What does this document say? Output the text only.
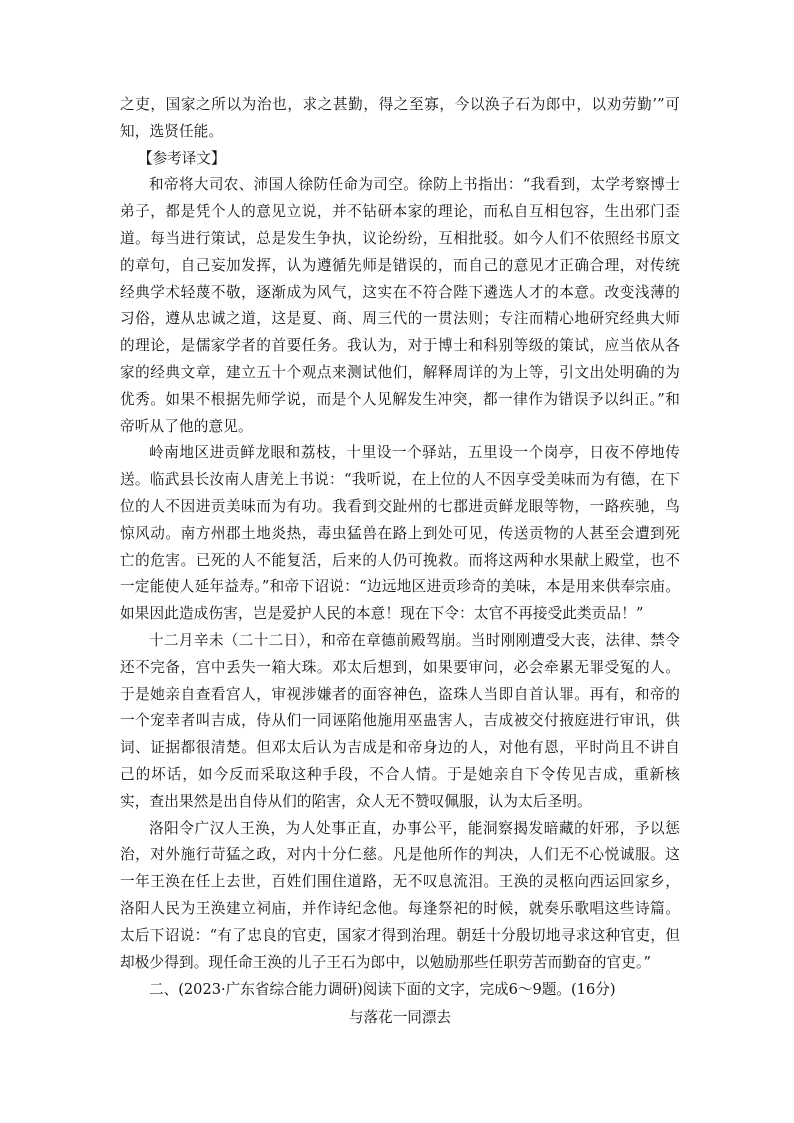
之吏，国家之所以为治也，求之甚勤，得之至寡，今以涣子石为郎中，以劝劳勤’”可知，选贤任能。

【参考译文】

和帝将大司农、沛国人徐防任命为司空。徐防上书指出：“我看到，太学考察博士弟子，都是凭个人的意见立说，并不钻研本家的理论，而私自互相包容，生出邪门歪道。每当进行策试，总是发生争执，议论纷纷，互相批驳。如今人们不依照经书原文的章句，自己妄加发挥，认为遵循先师是错误的，而自己的意见才正确合理，对传统经典学术轻蔑不敬，逐渐成为风气，这实在不符合陛下遴选人才的本意。改变浅薄的习俗，遵从忠诚之道，这是夏、商、周三代的一贯法则；专注而精心地研究经典大师的理论，是儒家学者的首要任务。我认为，对于博士和科别等级的策试，应当依从各家的经典文章，建立五十个观点来测试他们，解释周详的为上等，引文出处明确的为优秀。如果不根据先师学说，而是个人见解发生冲突，都一律作为错误予以纠正。”和帝听从了他的意见。

岭南地区进贡鲜龙眼和荔枝，十里设一个驿站，五里设一个岗亭，日夜不停地传送。临武县长汝南人唐羌上书说：“我听说，在上位的人不因享受美味而为有德，在下位的人不因进贡美味而为有功。我看到交趾州的七郡进贡鲜龙眼等物，一路疾驰，鸟惊风动。南方州郡土地炎热，毒虫猛兽在路上到处可见，传送贡物的人甚至会遭到死亡的危害。已死的人不能复活，后来的人仍可挽救。而将这两种水果献上殿堂，也不一定能使人延年益寿。”和帝下诏说：“边远地区进贡珍奇的美味，本是用来供奉宗庙。如果因此造成伤害，岂是爱护人民的本意！现在下令：太官不再接受此类贡品！”

十二月辛未（二十二日），和帝在章德前殿驾崩。当时刚刚遭受大丧，法律、禁令还不完备，宫中丢失一箱大珠。邓太后想到，如果要审问，必会牵累无罪受冤的人。于是她亲自查看宫人，审视涉嫌者的面容神色，盗珠人当即自首认罪。再有，和帝的一个宠幸者叫吉成，侍从们一同诬陷他施用巫蛊害人，吉成被交付掖庭进行审讯，供词、证据都很清楚。但邓太后认为吉成是和帝身边的人，对他有恩，平时尚且不讲自己的坏话，如今反而采取这种手段，不合人情。于是她亲自下令传见吉成，重新核实，查出果然是出自侍从们的陷害，众人无不赞叹佩服，认为太后圣明。

洛阳令广汉人王涣，为人处事正直，办事公平，能洞察揭发暗藏的奸邪，予以惩治，对外施行苛猛之政，对内十分仁慈。凡是他所作的判决，人们无不心悦诚服。这一年王涣在任上去世，百姓们围住道路，无不叹息流泪。王涣的灵柩向西运回家乡，洛阳人民为王涣建立祠庙，并作诗纪念他。每逢祭祀的时候，就奏乐歌唱这些诗篇。太后下诏说：“有了忠良的官吏，国家才得到治理。朝廷十分殷切地寻求这种官吏，但却极少得到。现任命王涣的儿子王石为郎中，以勉励那些任职劳苦而勤奋的官吏。”

二、(2023·广东省综合能力调研)阅读下面的文字，完成6～9题。(16分)

与落花一同漂去
